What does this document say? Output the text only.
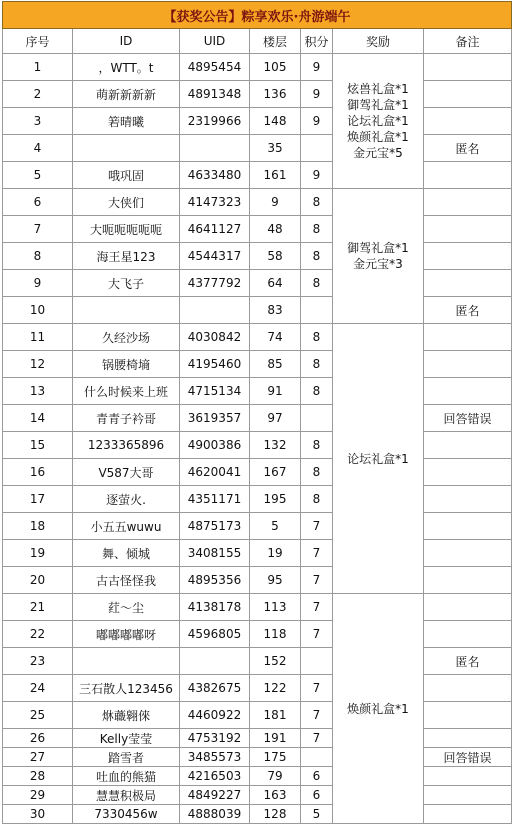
【获奖公告】粽享欢乐·舟游端午						
序号	ID	UID	楼层	积分	奖励	备注
1	，WTT。t	4895454	105	9	炫兽礼盒*1
御驾礼盒*1
论坛礼盒*1
焕颜礼盒*1
金元宝*5	

2	萌新新新新	4891348	136	9		
3	箬晴曦	2319966	148	9		
4			35			匿名
5	哦巩固	4633480	161	9		
6	大侠们	4147323	9	8	御驾礼盒*1
金元宝*3	

7	大呃呃呃呃呃	4641127	48	8		
8	海王星123	4544317	58	8		
9	大飞子	4377792	64	8		
10			83			匿名
11	久经沙场	4030842	74	8	论坛礼盒*1	

12	锅腰椅墒	4195460	85	8		
13	什么时候来上班	4715134	91	8		
14	青青子衿哥	3619357	97			回答错误
15	1233365896	4900386	132	8		
16	V587大哥	4620041	167	8		
17	逐萤火.	4351171	195	8		
18	小五五wuwu	4875173	5	7		
19	舞、倾城	3408155	19	7		
20	古古怪怪我	4895356	95	7		
21	荭～尘	4138178	113	7	焕颜礼盒*1	

22	嘟嘟嘟嘟呀	4596805	118	7		
23			152			匿名
24	三石散人123456	4382675	122	7		
25	烌蘵翱倈	4460922	181	7		
26	Kelly莹莹	4753192	191	7		
27	踏雪者	3485573	175			回答错误
28	吐血的熊猫	4216503	79	6		
29	慧慧积极局	4849227	163	6		
30	7330456w	4888039	128	5		
